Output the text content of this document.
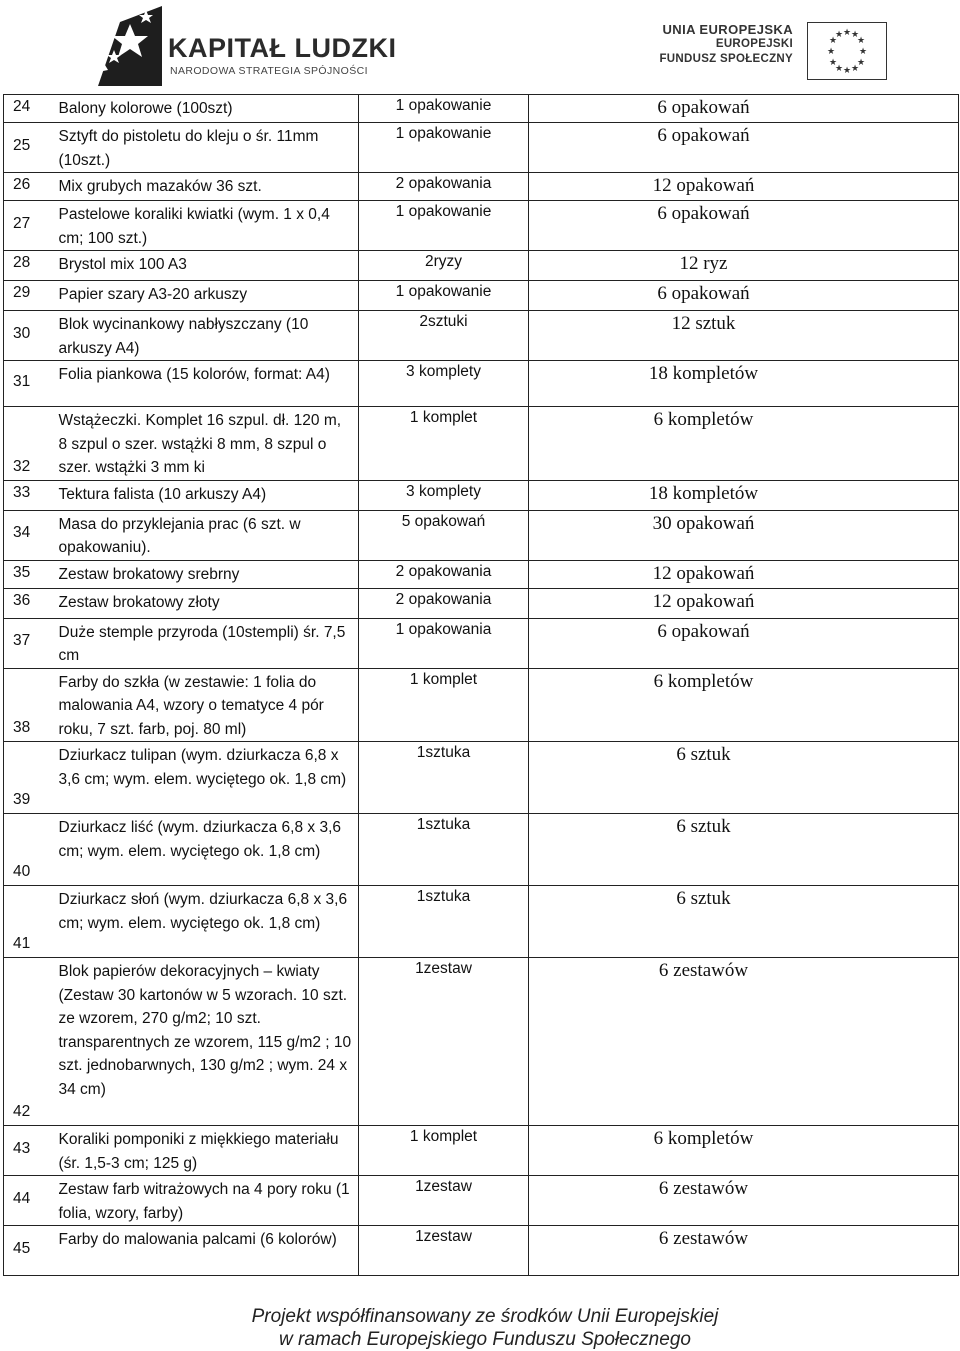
KAPITAŁ LUDZKI
NARODOWA STRATEGIA SPÓJNOŚCI
UNIA EUROPEJSKA
EUROPEJSKI
FUNDUSZ SPOŁECZNY
★ ★
★
★
★
★
★
★
★
★
★
★
24	Balony kolorowe (100szt)	1 opakowanie	6 opakowań
25	Sztyft do pistoletu do kleju o śr. 11mm (10szt.)	1 opakowanie	6 opakowań
26	Mix grubych mazaków 36 szt.	2 opakowania	12 opakowań
27	Pastelowe koraliki kwiatki (wym. 1 x 0,4 cm; 100 szt.)	1 opakowanie	6 opakowań
28	Brystol mix 100 A3	2ryzy	12 ryz
29	Papier szary A3-20 arkuszy	1 opakowanie	6 opakowań
30	Blok wycinankowy nabłyszczany (10 arkuszy A4)	2sztuki	12 sztuk
31	Folia piankowa (15 kolorów, format: A4)	3 komplety	18 kompletów
32	Wstążeczki. Komplet 16 szpul. dł. 120 m, 8 szpul o szer. wstążki 8 mm, 8 szpul o szer. wstążki 3 mm ki	1 komplet	6 kompletów
33	Tektura falista (10 arkuszy A4)	3 komplety	18 kompletów
34	Masa do przyklejania prac (6 szt. w opakowaniu).	5 opakowań	30 opakowań
35	Zestaw brokatowy srebrny	2 opakowania	12 opakowań
36	Zestaw brokatowy złoty	2 opakowania	12 opakowań
37	Duże stemple przyroda (10stempli) śr. 7,5 cm	1 opakowania	6 opakowań
38	Farby do szkła (w zestawie: 1 folia do malowania A4, wzory o tematyce 4 pór roku, 7 szt. farb, poj. 80 ml)	1 komplet	6 kompletów
39	Dziurkacz tulipan (wym. dziurkacza 6,8 x 3,6 cm; wym. elem. wyciętego ok. 1,8 cm)	1sztuka	6 sztuk
40	Dziurkacz liść (wym. dziurkacza 6,8 x 3,6 cm; wym. elem. wyciętego ok. 1,8 cm)	1sztuka	6 sztuk
41	Dziurkacz słoń (wym. dziurkacza 6,8 x 3,6 cm; wym. elem. wyciętego ok. 1,8 cm)	1sztuka	6 sztuk
42	Blok papierów dekoracyjnych – kwiaty (Zestaw 30 kartonów w 5 wzorach. 10 szt. ze wzorem, 270 g/m2; 10 szt. transparentnych ze wzorem, 115 g/m2 ; 10 szt. jednobarwnych, 130 g/m2 ; wym. 24 x 34 cm)	1zestaw	6 zestawów
43	Koraliki pomponiki z miękkiego materiału (śr. 1,5-3 cm; 125 g)	1 komplet	6 kompletów
44	Zestaw farb witrażowych na 4 pory roku (1 folia, wzory, farby)	1zestaw	6 zestawów
45	Farby do malowania palcami (6 kolorów)	1zestaw	6 zestawów
Projekt współfinansowany ze środków Unii Europejskiej
w ramach Europejskiego Funduszu Społecznego
